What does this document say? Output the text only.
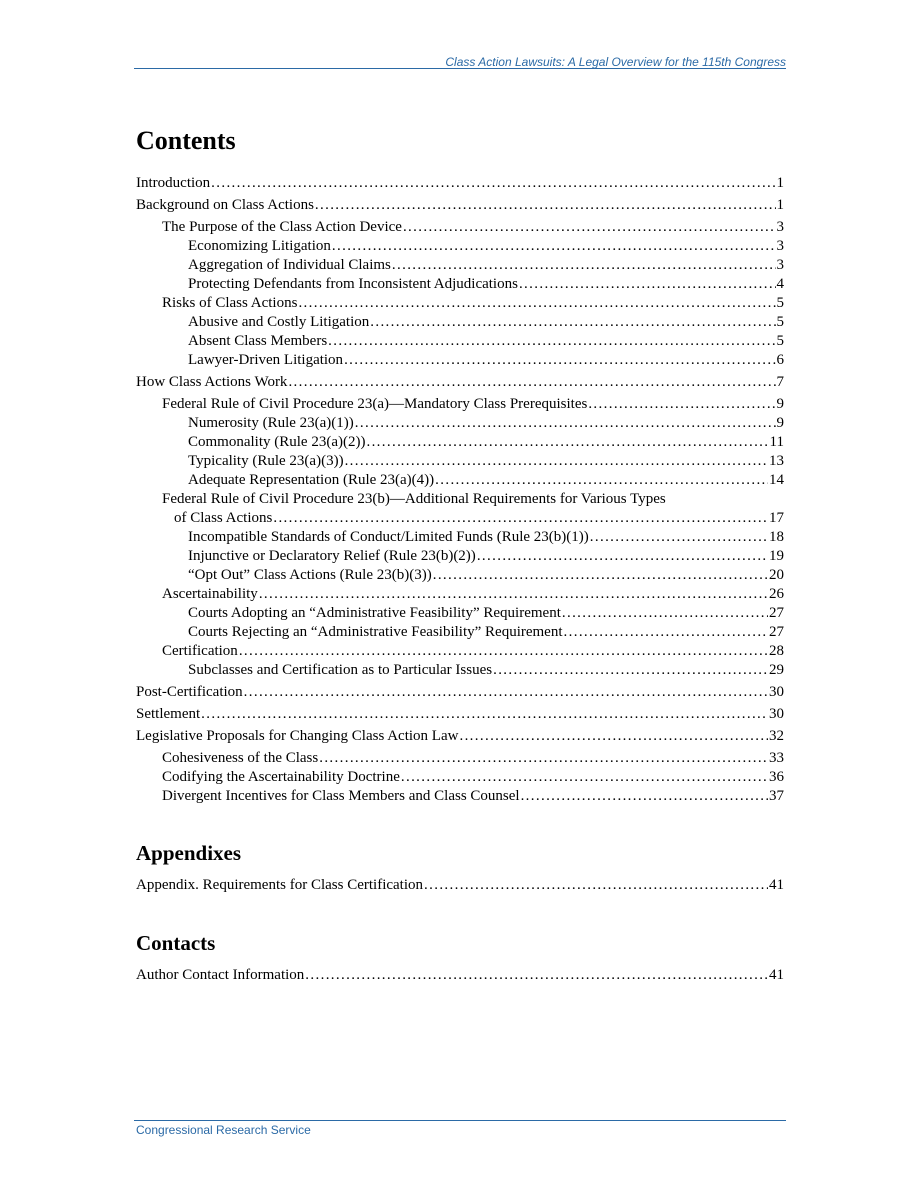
Class Action Lawsuits: A Legal Overview for the 115th Congress
Contents
Introduction . . .	1
Background on Class Actions . . .	1
The Purpose of the Class Action Device . . .	3
Economizing Litigation . . .	3
Aggregation of Individual Claims . . .	3
Protecting Defendants from Inconsistent Adjudications . . .	4
Risks of Class Actions . . .	5
Abusive and Costly Litigation . . .	5
Absent Class Members . . .	5
Lawyer-Driven Litigation . . .	6
How Class Actions Work . . .	7
Federal Rule of Civil Procedure 23(a)—Mandatory Class Prerequisites . . .	9
Numerosity (Rule 23(a)(1)) . . .	9
Commonality (Rule 23(a)(2)) . . .	11
Typicality (Rule 23(a)(3)) . . .	13
Adequate Representation (Rule 23(a)(4)) . . .	14
Federal Rule of Civil Procedure 23(b)—Additional Requirements for Various Types
of Class Actions . . .	17
Incompatible Standards of Conduct/Limited Funds (Rule 23(b)(1)) . . .	18
Injunctive or Declaratory Relief (Rule 23(b)(2)) . . .	19
“Opt Out” Class Actions (Rule 23(b)(3)) . . .	20
Ascertainability . . .	26
Courts Adopting an “Administrative Feasibility” Requirement . . .	27
Courts Rejecting an “Administrative Feasibility” Requirement . . .	27
Certification . . .	28
Subclasses and Certification as to Particular Issues . . .	29
Post-Certification . . .	30
Settlement . . .	30
Legislative Proposals for Changing Class Action Law . . .	32
Cohesiveness of the Class . . .	33
Codifying the Ascertainability Doctrine . . .	36
Divergent Incentives for Class Members and Class Counsel . . .	37
Appendixes
Appendix. Requirements for Class Certification . . .	41
Contacts
Author Contact Information . . .	41
Congressional Research Service
